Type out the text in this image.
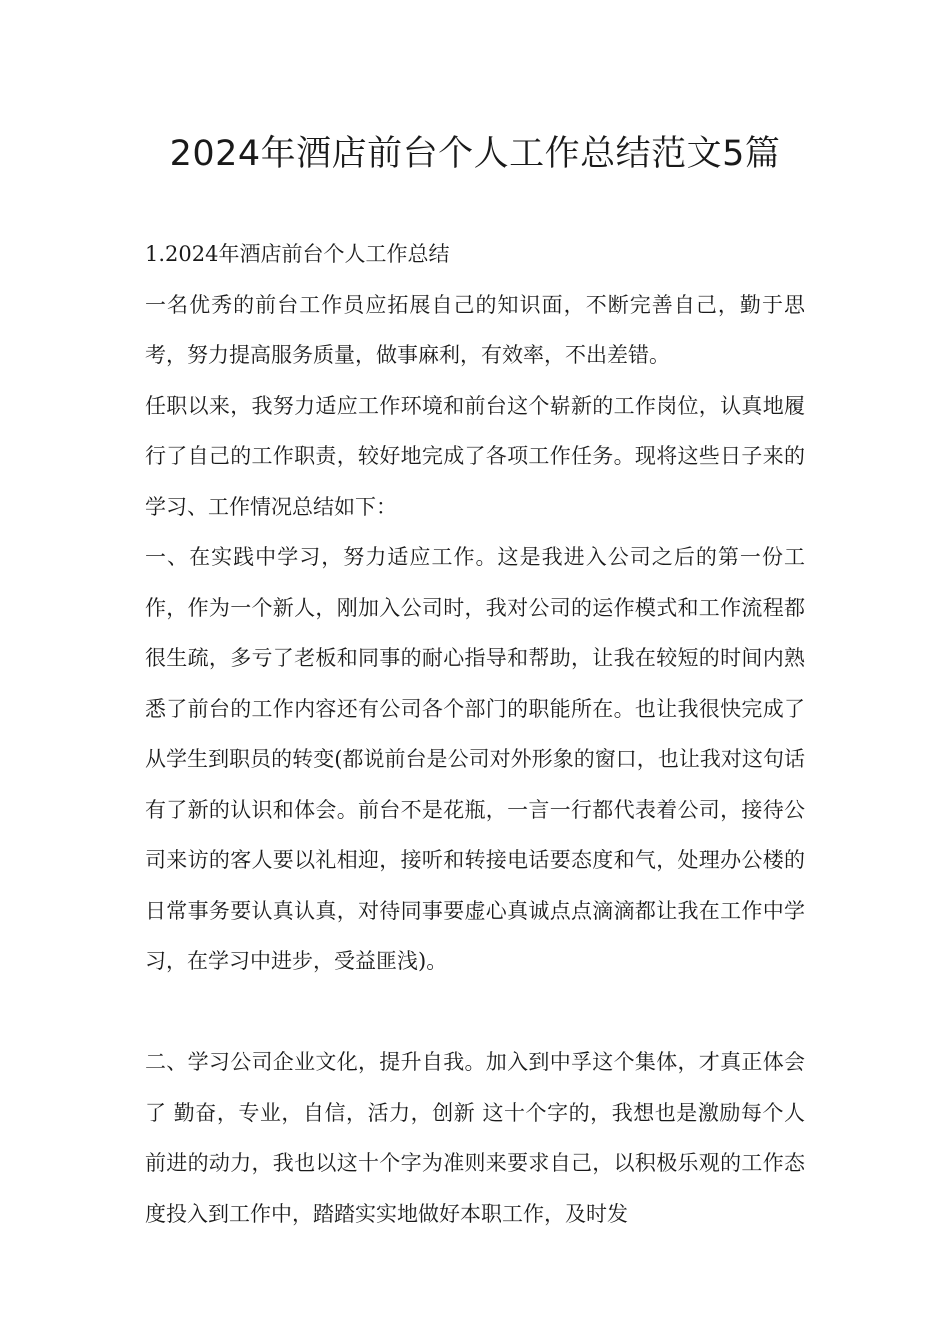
2024年酒店前台个人工作总结范文5篇

1.2024年酒店前台个人工作总结

一名优秀的前台工作员应拓展自己的知识面，不断完善自己，勤于思考，努力提高服务质量，做事麻利，有效率，不出差错。

任职以来，我努力适应工作环境和前台这个崭新的工作岗位，认真地履行了自己的工作职责，较好地完成了各项工作任务。现将这些日子来的学习、工作情况总结如下：

一、在实践中学习，努力适应工作。这是我进入公司之后的第一份工作，作为一个新人，刚加入公司时，我对公司的运作模式和工作流程都很生疏，多亏了老板和同事的耐心指导和帮助，让我在较短的时间内熟悉了前台的工作内容还有公司各个部门的职能所在。也让我很快完成了从学生到职员的转变(都说前台是公司对外形象的窗口，也让我对这句话有了新的认识和体会。前台不是花瓶，一言一行都代表着公司，接待公司来访的客人要以礼相迎，接听和转接电话要态度和气，处理办公楼的日常事务要认真认真，对待同事要虚心真诚点点滴滴都让我在工作中学习，在学习中进步，受益匪浅)。

二、学习公司企业文化，提升自我。加入到中孚这个集体，才真正体会了 勤奋，专业，自信，活力，创新 这十个字的，我想也是激励每个人前进的动力，我也以这十个字为准则来要求自己，以积极乐观的工作态度投入到工作中，踏踏实实地做好本职工作，及时发
